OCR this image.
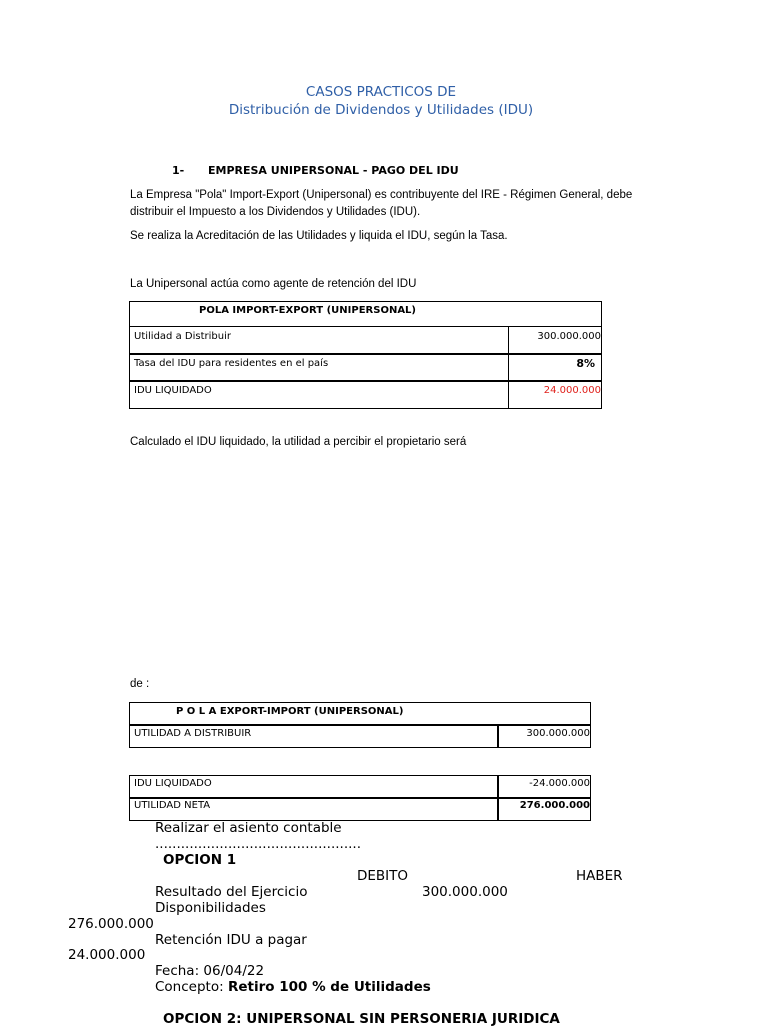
CASOS PRACTICOS DE
Distribución de Dividendos y Utilidades (IDU)
1- EMPRESA UNIPERSONAL - PAGO DEL IDU
La Empresa "Pola" Import-Export (Unipersonal) es contribuyente del IRE - Régimen General, debe
distribuir el Impuesto a los Dividendos y Utilidades (IDU).
Se realiza la Acreditación de las Utilidades y liquida el IDU, según la Tasa.
La Unipersonal actúa como agente de retención del IDU
POLA IMPORT-EXPORT (UNIPERSONAL)
Utilidad a Distribuir	300.000.000
Tasa del IDU para residentes en el país	8%
IDU LIQUIDADO	24.000.000
Calculado el IDU liquidado, la utilidad a percibir el propietario será
de :
P O L A EXPORT-IMPORT (UNIPERSONAL)
UTILIDAD A DISTRIBUIR	300.000.000
IDU LIQUIDADO	-24.000.000
UTILIDAD NETA	276.000.000
Realizar el asiento contable
................................................
OPCION 1
DEBITO	HABER
Resultado del Ejercicio	300.000.000
Disponibilidades
276.000.000
Retención IDU a pagar
24.000.000
Fecha: 06/04/22
Concepto: Retiro 100 % de Utilidades
OPCION 2: UNIPERSONAL SIN PERSONERIA JURIDICA
